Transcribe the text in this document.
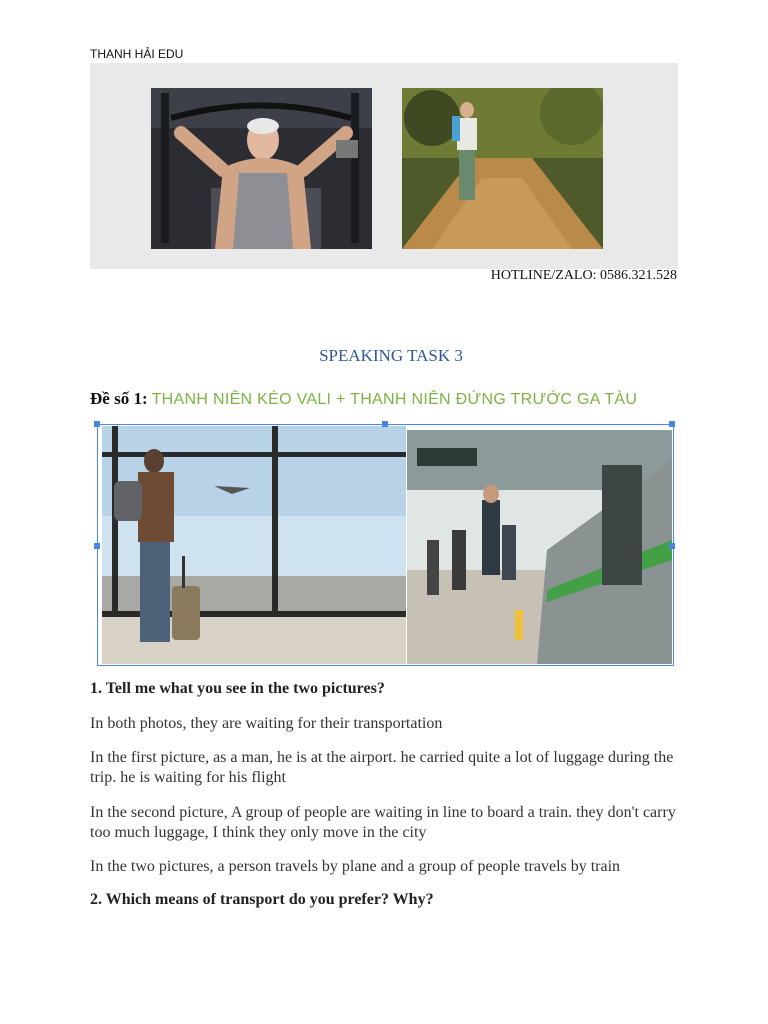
THANH HẢI EDU
HOTLINE/ZALO: 0586.321.528
SPEAKING TASK 3
Đề số 1: THANH NIÊN KÉO VALI + THANH NIÊN ĐỨNG TRƯỚC GA TÀU
1. Tell me what you see in the two pictures?
In both photos, they are waiting for their transportation
In the first picture, as a man, he is at the airport. he carried quite a lot of luggage during the trip. he is waiting for his flight
In the second picture, A group of people are waiting in line to board a train. they don't carry too much luggage, I think they only move in the city
In the two pictures, a person travels by plane and a group of people travels by train
2. Which means of transport do you prefer? Why?
